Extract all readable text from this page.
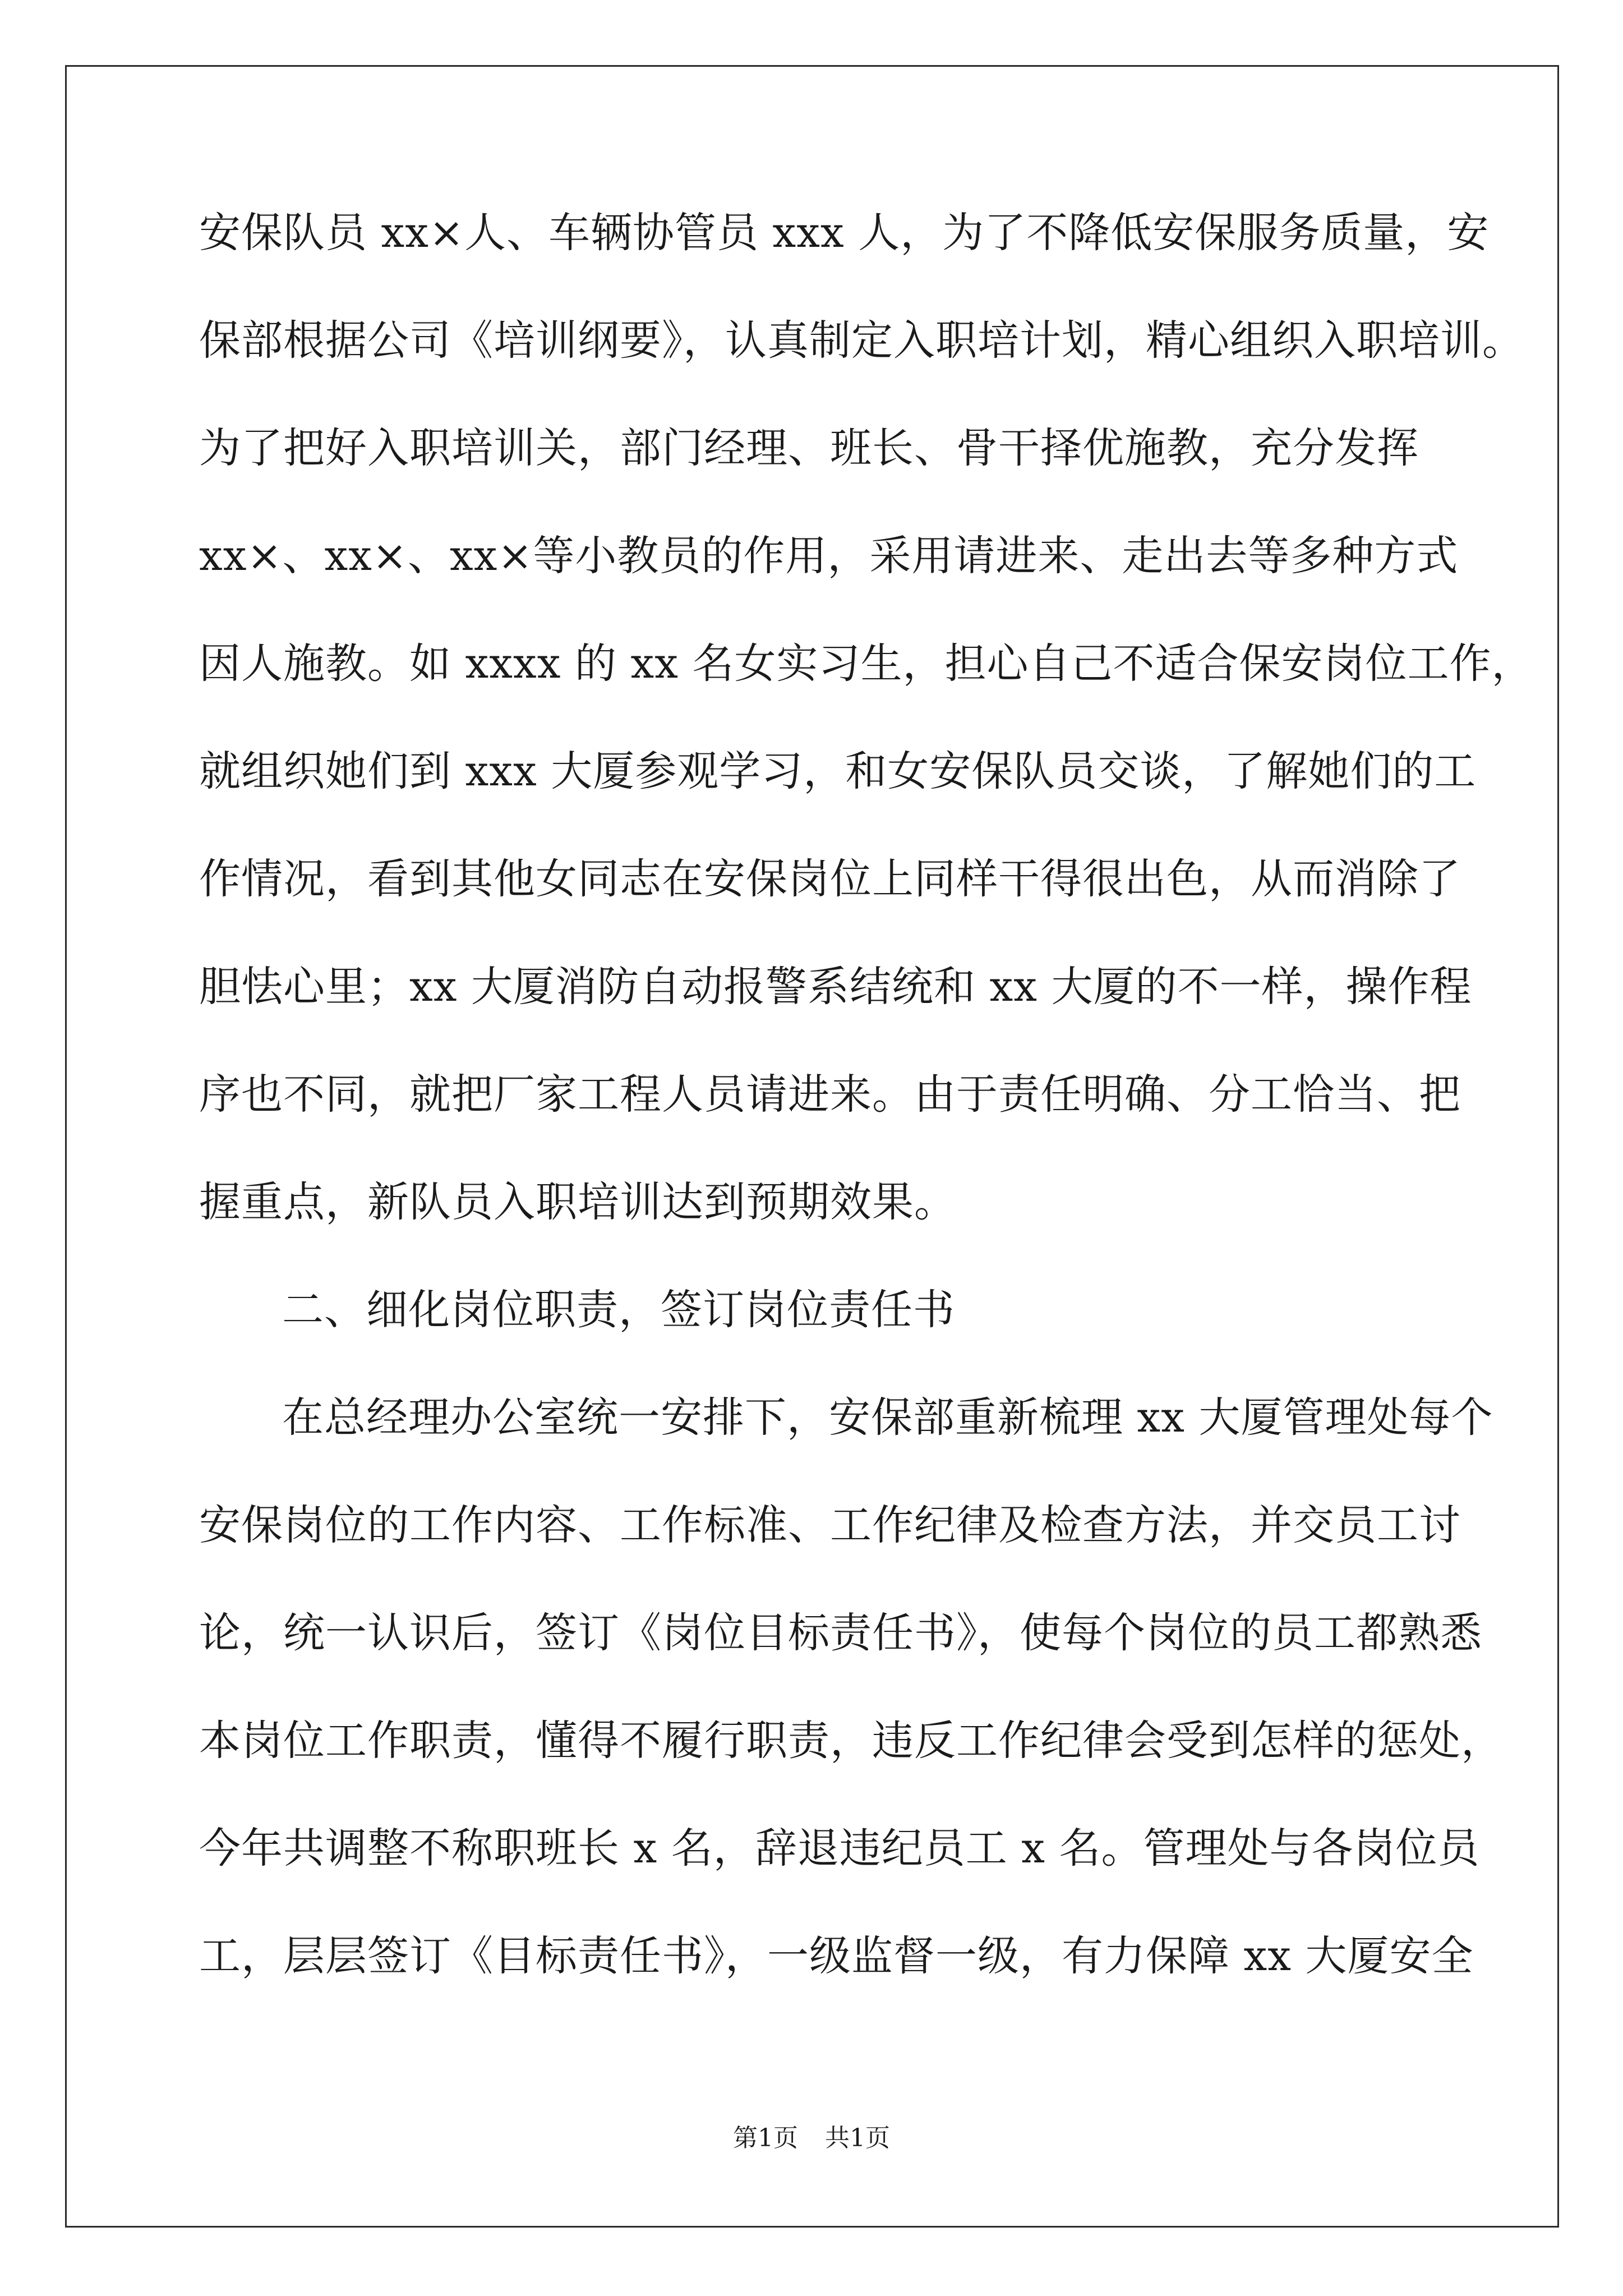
安保队员 xx×人、车辆协管员 xxx 人，为了不降低安保服务质量，安
保部根据公司《培训纲要》，认真制定入职培计划，精心组织入职培训。
为了把好入职培训关，部门经理、班长、骨干择优施教，充分发挥
xx×、xx×、xx×等小教员的作用，采用请进来、走出去等多种方式
因人施教。如 xxxx 的 xx 名女实习生，担心自己不适合保安岗位工作，
就组织她们到 xxx 大厦参观学习，和女安保队员交谈，了解她们的工
作情况，看到其他女同志在安保岗位上同样干得很出色，从而消除了
胆怯心里；xx 大厦消防自动报警系结统和 xx 大厦的不一样，操作程
序也不同，就把厂家工程人员请进来。由于责任明确、分工恰当、把
握重点，新队员入职培训达到预期效果。
二、细化岗位职责，签订岗位责任书
在总经理办公室统一安排下，安保部重新梳理 xx 大厦管理处每个
安保岗位的工作内容、工作标准、工作纪律及检查方法，并交员工讨
论，统一认识后，签订《岗位目标责任书》，使每个岗位的员工都熟悉
本岗位工作职责，懂得不履行职责，违反工作纪律会受到怎样的惩处，
今年共调整不称职班长 x 名，辞退违纪员工 x 名。管理处与各岗位员
工，层层签订《目标责任书》，一级监督一级，有力保障 xx 大厦安全
第1页 共1页
